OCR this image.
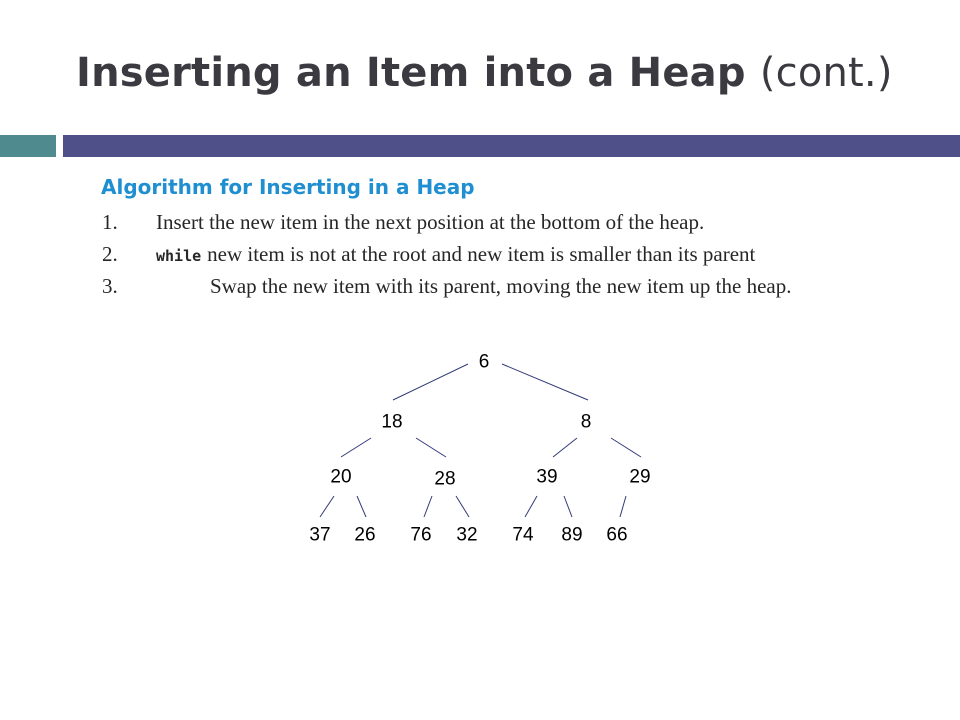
Inserting an Item into a Heap (cont.)
Algorithm for Inserting in a Heap
1. Insert the new item in the next position at the bottom of the heap.
2.	while new item is not at the root and new item is smaller than its parent
3.	Swap the new item with its parent, moving the new item up the heap.
6
18	8
20	28	39	29
37 26 76 32 74 89 66
